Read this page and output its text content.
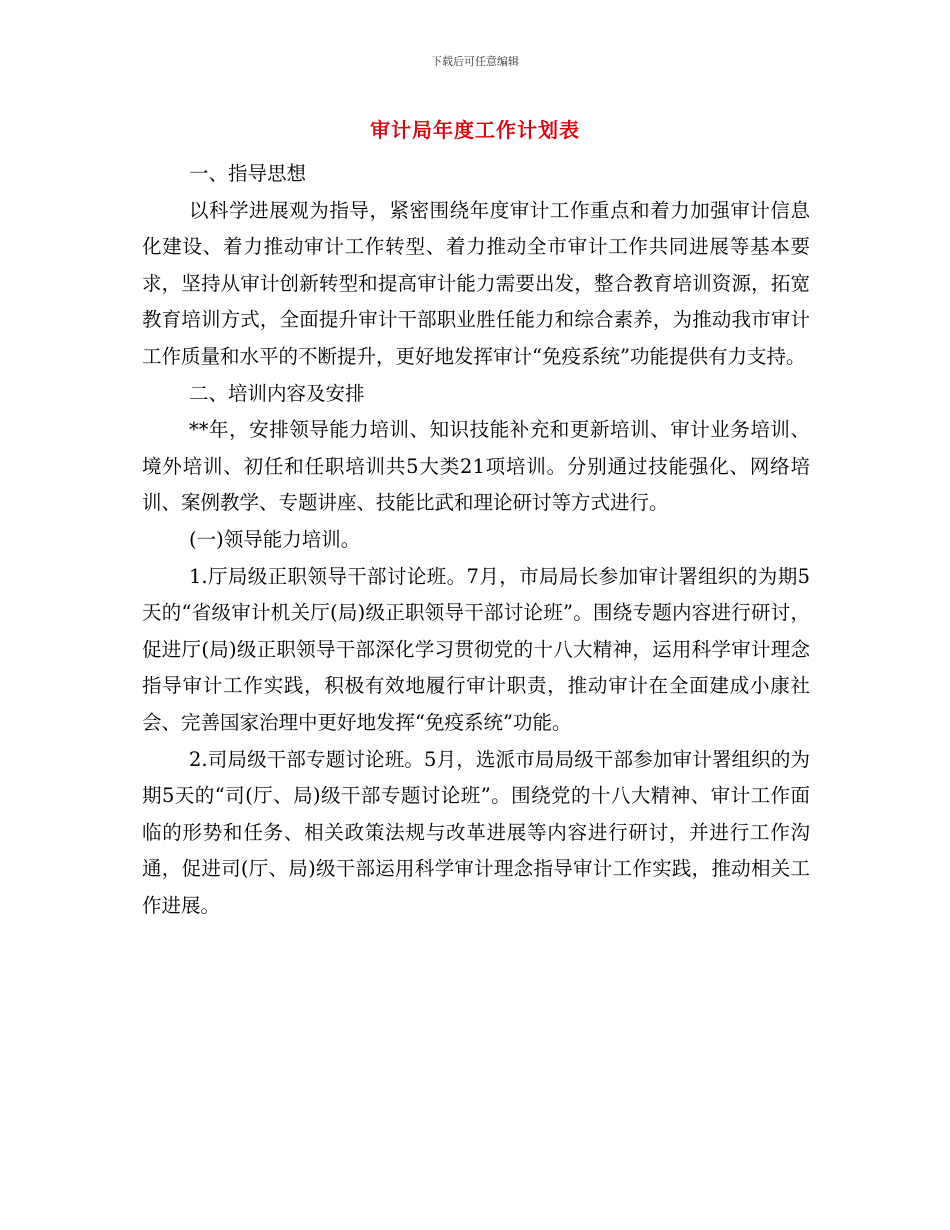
下载后可任意编辑
审计局年度工作计划表

一、指导思想

以科学进展观为指导，紧密围绕年度审计工作重点和着力加强审计信息化建设、着力推动审计工作转型、着力推动全市审计工作共同进展等基本要求，坚持从审计创新转型和提高审计能力需要出发，整合教育培训资源，拓宽教育培训方式，全面提升审计干部职业胜任能力和综合素养，为推动我市审计工作质量和水平的不断提升，更好地发挥审计“免疫系统”功能提供有力支持。

二、培训内容及安排

**年，安排领导能力培训、知识技能补充和更新培训、审计业务培训、境外培训、初任和任职培训共5大类21项培训。分别通过技能强化、网络培训、案例教学、专题讲座、技能比武和理论研讨等方式进行。

(一)领导能力培训。

1.厅局级正职领导干部讨论班。7月，市局局长参加审计署组织的为期5天的“省级审计机关厅(局)级正职领导干部讨论班”。围绕专题内容进行研讨，促进厅(局)级正职领导干部深化学习贯彻党的十八大精神，运用科学审计理念指导审计工作实践，积极有效地履行审计职责，推动审计在全面建成小康社会、完善国家治理中更好地发挥“免疫系统”功能。

2.司局级干部专题讨论班。5月，选派市局局级干部参加审计署组织的为期5天的“司(厅、局)级干部专题讨论班”。围绕党的十八大精神、审计工作面临的形势和任务、相关政策法规与改革进展等内容进行研讨，并进行工作沟通，促进司(厅、局)级干部运用科学审计理念指导审计工作实践，推动相关工作进展。
